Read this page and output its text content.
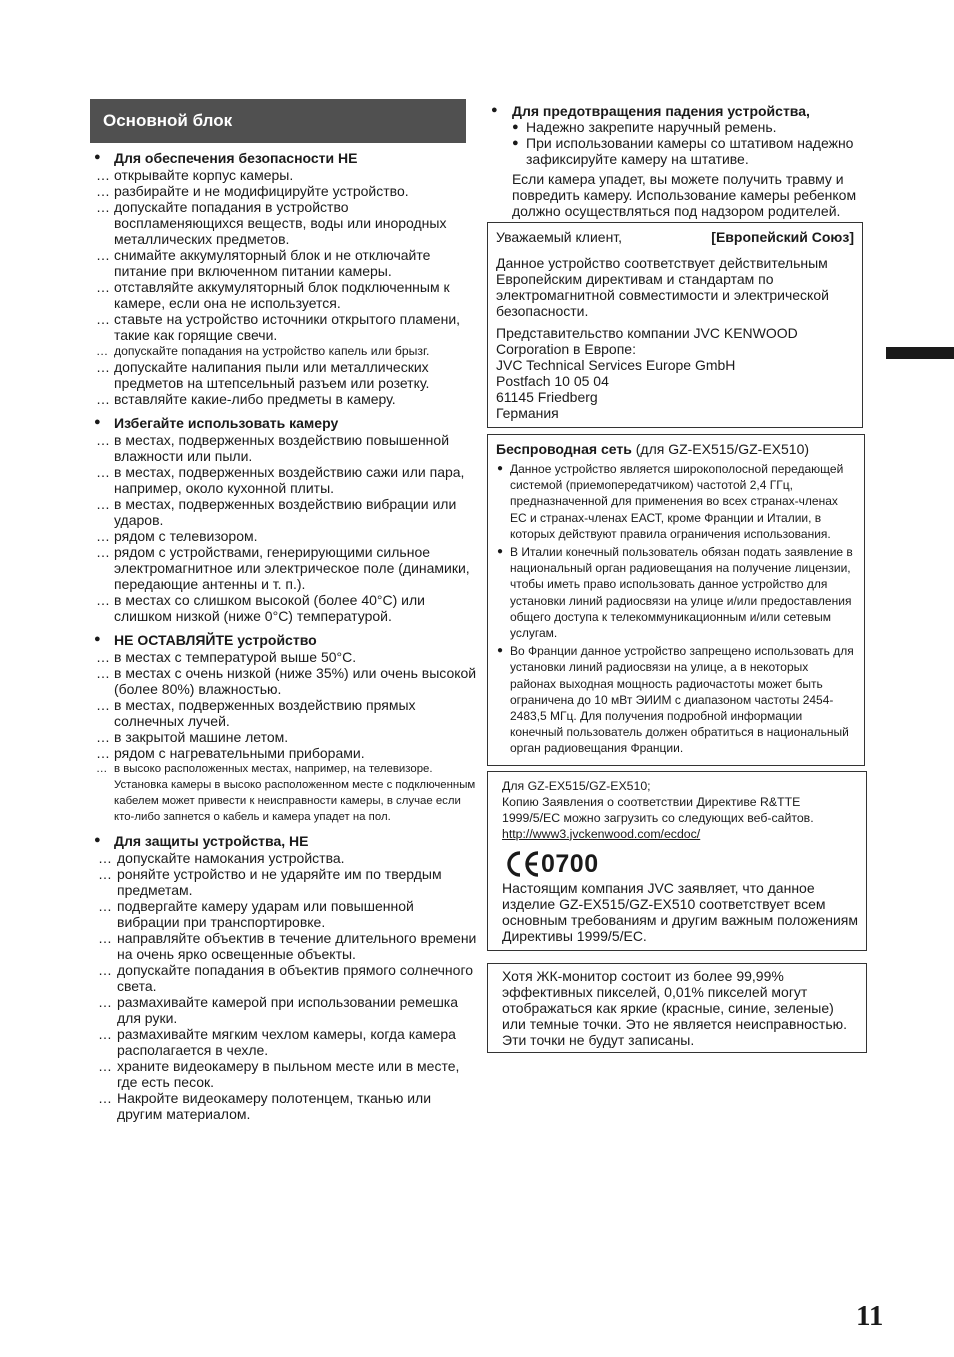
Основной блок
● Для обеспечения безопасности НЕ
… открывайте корпус камеры.
… разбирайте и не модифицируйте устройство.
… допускайте попадания в устройство воспламеняющихся веществ, воды или инородных металлических предметов.
… снимайте аккумуляторный блок и не отключайте питание при включенном питании камеры.
… отставляйте аккумуляторный блок подключенным к камере, если она не используется.
… ставьте на устройство источники открытого пламени, такие как горящие свечи.
… допускайте попадания на устройство капель или брызг.
… допускайте налипания пыли или металлических предметов на штепсельный разъем или розетку.
… вставляйте какие-либо предметы в камеру.
● Избегайте использовать камеру
… в местах, подверженных воздействию повышенной влажности или пыли.
… в местах, подверженных воздействию сажи или пара, например, около кухонной плиты.
… в местах, подверженных воздействию вибрации или ударов.
… рядом с телевизором.
… рядом с устройствами, генерирующими сильное электромагнитное или электрическое поле (динамики, передающие антенны и т. п.).
… в местах со слишком высокой (более 40°C) или слишком низкой (ниже 0°C) температурой.
● НЕ ОСТАВЛЯЙТЕ устройство
… в местах с температурой выше 50°C.
… в местах с очень низкой (ниже 35%) или очень высокой (более 80%) влажностью.
… в местах, подверженных воздействию прямых солнечных лучей.
… в закрытой машине летом.
… рядом с нагревательными приборами.
… в высоко расположенных местах, например, на телевизоре. Установка камеры в высоко расположенном месте с подключенным кабелем может привести к неисправности камеры, в случае если кто-либо запнется о кабель и камера упадет на пол.
● Для защиты устройства, НЕ
… допускайте намокания устройства.
… роняйте устройство и не ударяйте им по твердым предметам.
… подвергайте камеру ударам или повышенной вибрации при транспортировке.
… направляйте объектив в течение длительного времени на очень ярко освещенные объекты.
… допускайте попадания в объектив прямого солнечного света.
… размахивайте камерой при использовании ремешка для руки.
… размахивайте мягким чехлом камеры, когда камера располагается в чехле.
… храните видеокамеру в пыльном месте или в месте, где есть песок.
… Накройте видеокамеру полотенцем, тканью или другим материалом.
● Для предотвращения падения устройства,
● Надежно закрепите наручный ремень.
● При использовании камеры со штативом надежно зафиксируйте камеру на штативе.
Если камера упадет, вы можете получить травму и повредить камеру. Использование камеры ребенком должно осуществляться под надзором родителей.
Уважаемый клиент,	[Европейский Союз]

Данное устройство соответствует действительным Европейским директивам и стандартам по электромагнитной совместимости и электрической безопасности.

Представительство компании JVC KENWOOD
Corporation в Европе:
JVC Technical Services Europe GmbH
Postfach 10 05 04
61145 Friedberg
Германия

Беспроводная сеть (для GZ-EX515/GZ-EX510)
● Данное устройство является широкополосной передающей системой (приемопередатчиком) частотой 2,4 ГГц, предназначенной для применения во всех странах-членах ЕС и странах-членах ЕАСТ, кроме Франции и Италии, в которых действуют правила ограничения использования.
● В Италии конечный пользователь обязан подать заявление в национальный орган радиовещания на получение лицензии, чтобы иметь право использовать данное устройство для установки линий радиосвязи на улице и/или предоставления общего доступа к телекоммуникационным и/или сетевым услугам.
● Во Франции данное устройство запрещено использовать для установки линий радиосвязи на улице, а в некоторых районах выходная мощность радиочастоты может быть ограничена до 10 мВт ЭИИМ с диапазоном частоты 2454-2483,5 МГц. Для получения подробной информации конечный пользователь должен обратиться в национальный орган радиовещания Франции.
Для GZ-EX515/GZ-EX510;
Копию Заявления о соответствии Директиве R&TTE 1999/5/EC можно загрузить со следующих веб-сайтов.
http://www3.jvckenwood.com/ecdoc/
0700
Настоящим компания JVC заявляет, что данное изделие GZ-EX515/GZ-EX510 соответствует всем основным требованиям и другим важным положениям Директивы 1999/5/EC.

Хотя ЖК-монитор состоит из более 99,99% эффективных пикселей, 0,01% пикселей могут отображаться как яркие (красные, синие, зеленые) или темные точки. Это не является неисправностью. Эти точки не будут записаны.

11
